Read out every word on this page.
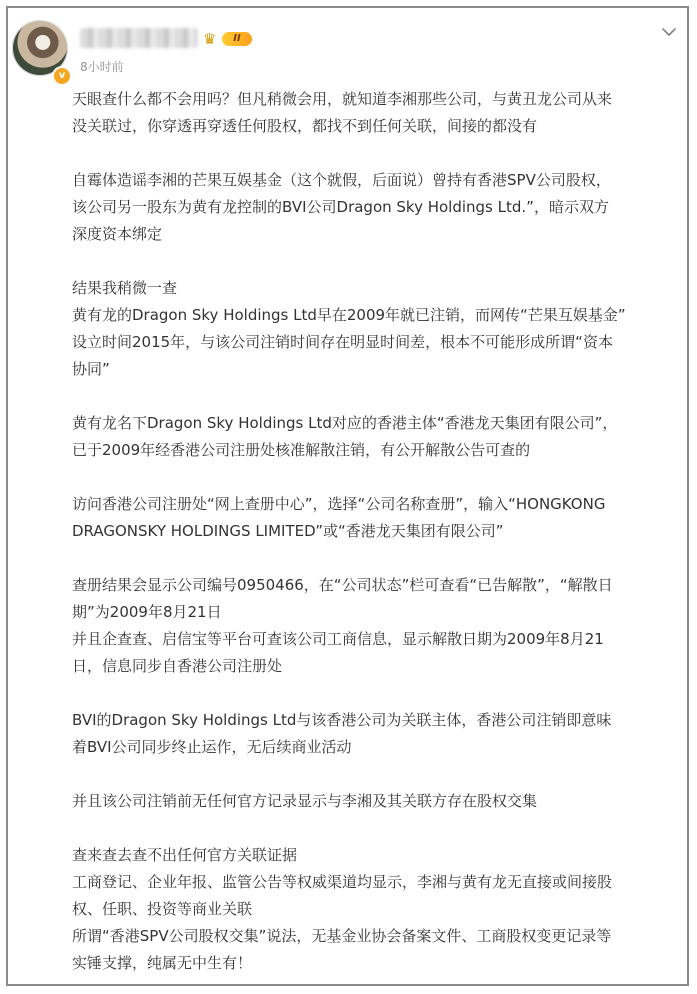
v
♛	II
8小时前
天眼查什么都不会用吗？但凡稍微会用，就知道李湘那些公司，与黄丑龙公司从来
没关联过，你穿透再穿透任何股权，都找不到任何关联，间接的都没有
自霉体造谣李湘的芒果互娱基金（这个就假，后面说）曾持有香港SPV公司股权，
该公司另一股东为黄有龙控制的BVI公司Dragon Sky Holdings Ltd.”，暗示双方
深度资本绑定
结果我稍微一查
黄有龙的Dragon Sky Holdings Ltd早在2009年就已注销，而网传“芒果互娱基金”
设立时间2015年，与该公司注销时间存在明显时间差，根本不可能形成所谓“资本
协同”
黄有龙名下Dragon Sky Holdings Ltd对应的香港主体“香港龙天集团有限公司”，
已于2009年经香港公司注册处核准解散注销，有公开解散公告可查的
访问香港公司注册处“网上查册中心”，选择“公司名称查册”，输入“HONGKONG
DRAGONSKY HOLDINGS LIMITED”或“香港龙天集团有限公司”
查册结果会显示公司编号0950466，在“公司状态”栏可查看“已告解散”，“解散日
期”为2009年8月21日
并且企查查、启信宝等平台可查该公司工商信息，显示解散日期为2009年8月21
日，信息同步自香港公司注册处
BVI的Dragon Sky Holdings Ltd与该香港公司为关联主体，香港公司注销即意味
着BVI公司同步终止运作，无后续商业活动
并且该公司注销前无任何官方记录显示与李湘及其关联方存在股权交集
查来查去查不出任何官方关联证据
工商登记、企业年报、监管公告等权威渠道均显示，李湘与黄有龙无直接或间接股
权、任职、投资等商业关联
所谓“香港SPV公司股权交集”说法，无基金业协会备案文件、工商股权变更记录等
实锤支撑，纯属无中生有！
